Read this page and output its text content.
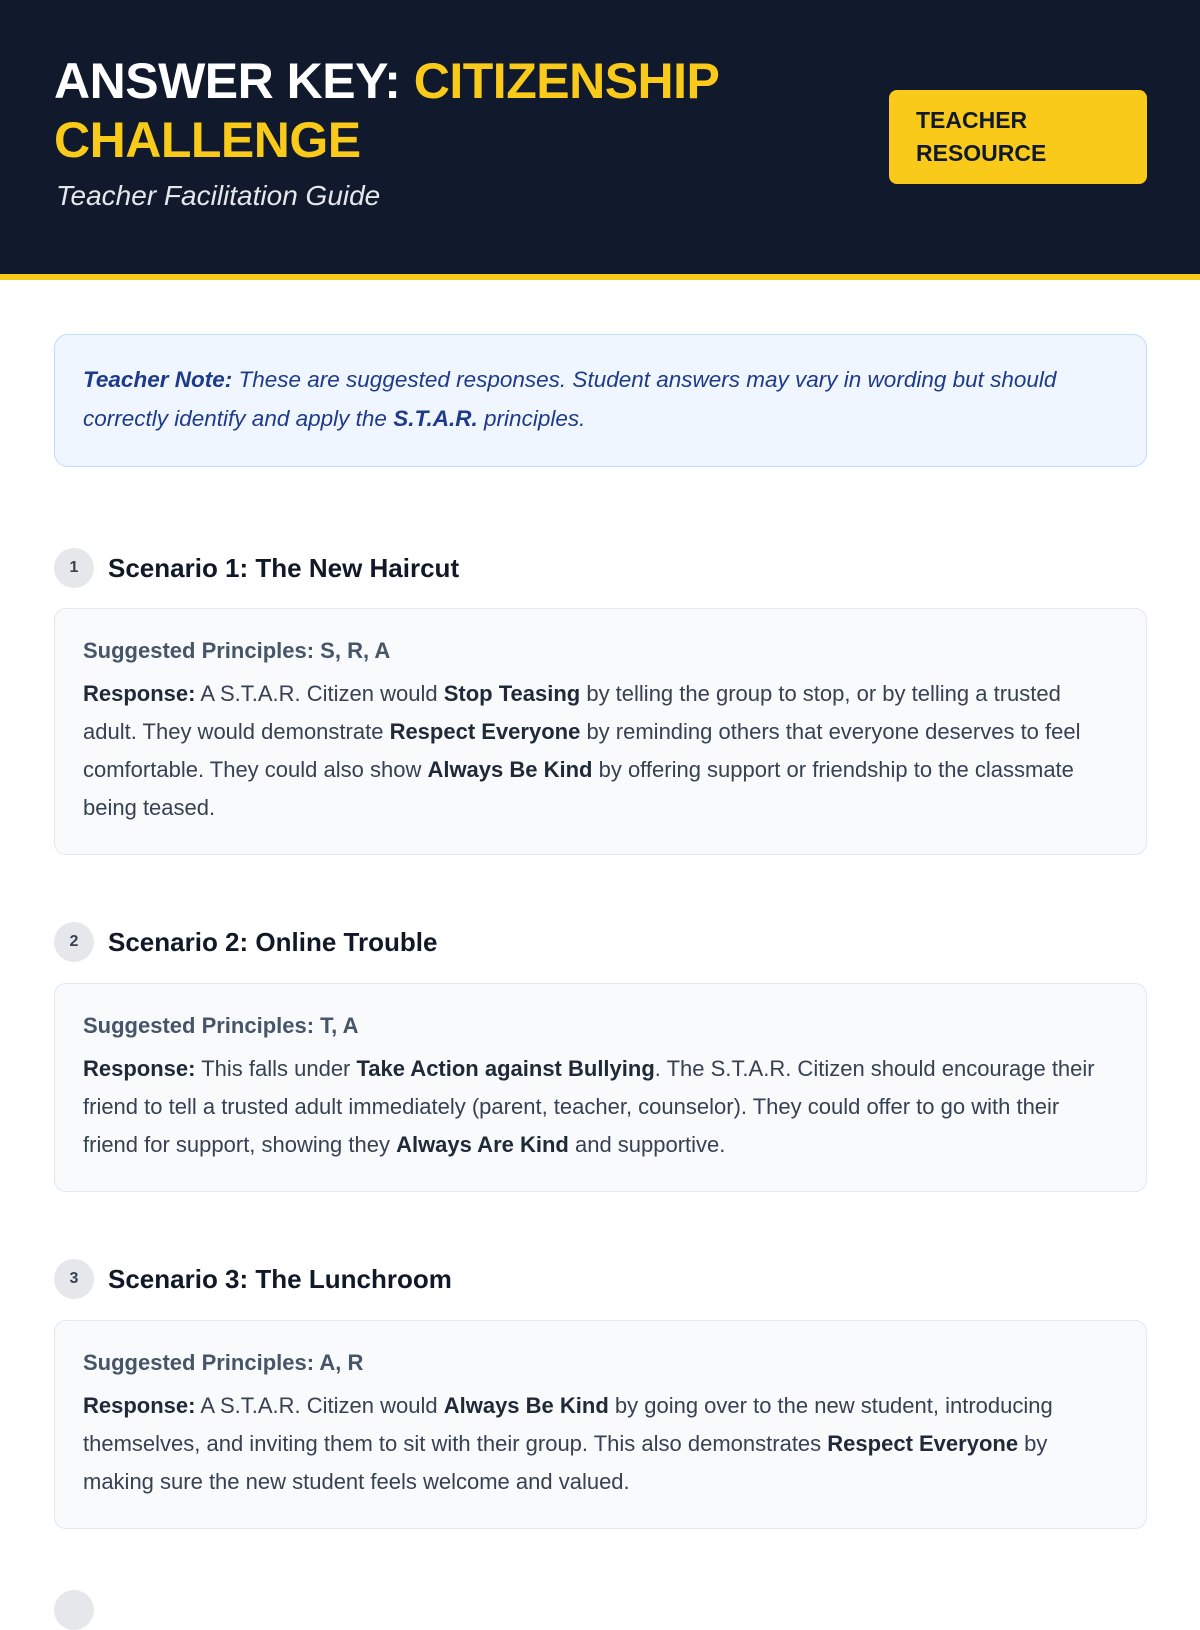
ANSWER KEY: CITIZENSHIP CHALLENGE
Teacher Facilitation Guide
TEACHER
RESOURCE
Teacher Note: These are suggested responses. Student answers may vary in wording but should correctly identify and apply the S.T.A.R. principles.
1	Scenario 1: The New Haircut
Suggested Principles: S, R, A
Response: A S.T.A.R. Citizen would Stop Teasing by telling the group to stop, or by telling a trusted adult. They would demonstrate Respect Everyone by reminding others that everyone deserves to feel comfortable. They could also show Always Be Kind by offering support or friendship to the classmate being teased.
2	Scenario 2: Online Trouble
Suggested Principles: T, A
Response: This falls under Take Action against Bullying. The S.T.A.R. Citizen should encourage their friend to tell a trusted adult immediately (parent, teacher, counselor). They could offer to go with their friend for support, showing they Always Are Kind and supportive.
3	Scenario 3: The Lunchroom
Suggested Principles: A, R
Response: A S.T.A.R. Citizen would Always Be Kind by going over to the new student, introducing themselves, and inviting them to sit with their group. This also demonstrates Respect Everyone by making sure the new student feels welcome and valued.
